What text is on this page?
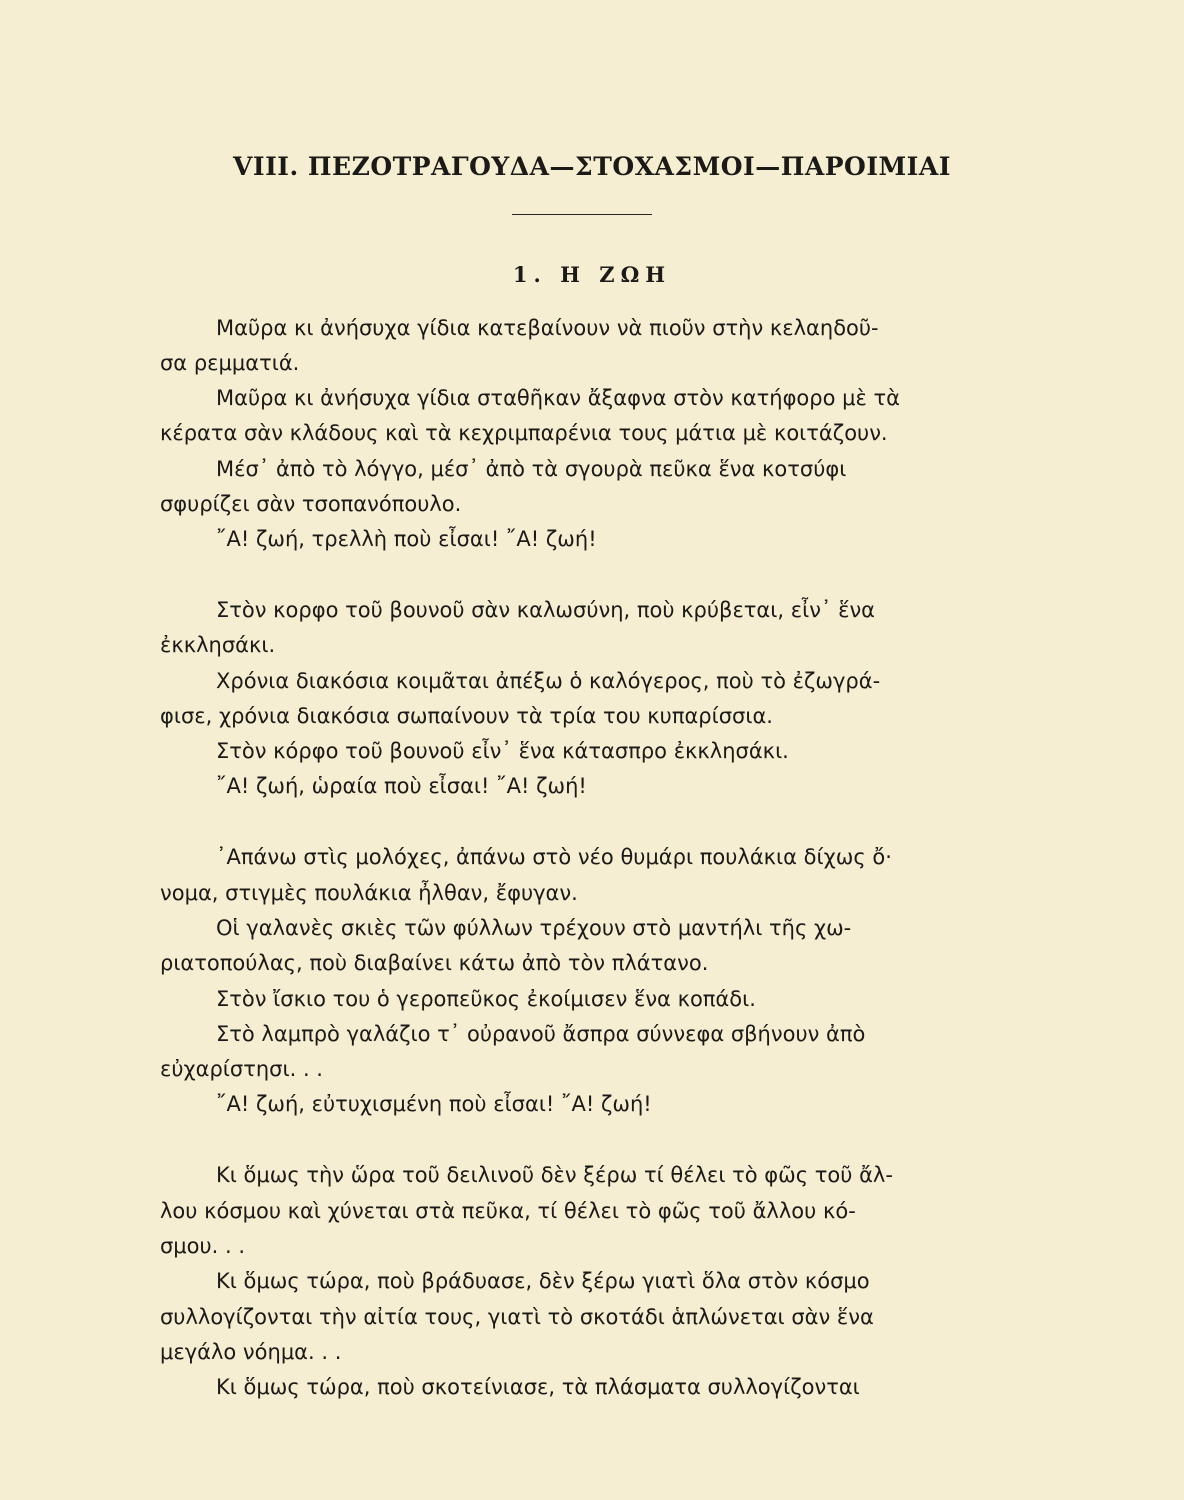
VIII. ΠΕΖΟΤΡΑΓΟΥΔΑ—ΣΤΟΧΑΣΜΟΙ—ΠΑΡΟΙΜΙΑΙ
1. Η ΖΩΗ
Μαῦρα κι ἀνήσυχα γίδια κατεβαίνουν νὰ πιοῦν στὴν κελαηδοῦ-
σα ρεμματιά.
Μαῦρα κι ἀνήσυχα γίδια σταθῆκαν ἄξαφνα στὸν κατήφορο μὲ τὰ
κέρατα σὰν κλάδους καὶ τὰ κεχριμπαρένια τους μάτια μὲ κοιτάζουν.
Μέσ᾽ ἀπὸ τὸ λόγγο, μέσ᾽ ἀπὸ τὰ σγουρὰ πεῦκα ἕνα κοτσύφι
σφυρίζει σὰν τσοπανόπουλο.
῎Α! ζωή, τρελλὴ ποὺ εἶσαι! ῎Α! ζωή!
Στὸν κορφο τοῦ βουνοῦ σὰν καλωσύνη, ποὺ κρύβεται, εἶν᾽ ἕνα
ἐκκλησάκι.
Χρόνια διακόσια κοιμᾶται ἀπέξω ὁ καλόγερος, ποὺ τὸ ἐζωγρά-
φισε, χρόνια διακόσια σωπαίνουν τὰ τρία του κυπαρίσσια.
Στὸν κόρφο τοῦ βουνοῦ εἶν᾽ ἕνα κάτασπρο ἐκκλησάκι.
῎Α! ζωή, ὡραία ποὺ εἶσαι! ῎Α! ζωή!
᾽Απάνω στὶς μολόχες, ἀπάνω στὸ νέο θυμάρι πουλάκια δίχως ὄ·
νομα, στιγμὲς πουλάκια ἦλθαν, ἔφυγαν.
Οἱ γαλανὲς σκιὲς τῶν φύλλων τρέχουν στὸ μαντήλι τῆς χω-
ριατοπούλας, ποὺ διαβαίνει κάτω ἀπὸ τὸν πλάτανο.
Στὸν ἴσκιο του ὁ γεροπεῦκος ἐκοίμισεν ἕνα κοπάδι.
Στὸ λαμπρὸ γαλάζιο τ᾽ οὐρανοῦ ἄσπρα σύννεφα σβήνουν ἀπὸ
εὐχαρίστησι. . .
῎Α! ζωή, εὐτυχισμένη ποὺ εἶσαι! ῎Α! ζωή!
Κι ὅμως τὴν ὥρα τοῦ δειλινοῦ δὲν ξέρω τί θέλει τὸ φῶς τοῦ ἄλ-
λου κόσμου καὶ χύνεται στὰ πεῦκα, τί θέλει τὸ φῶς τοῦ ἄλλου κό-
σμου. . .
Κι ὅμως τώρα, ποὺ βράδυασε, δὲν ξέρω γιατὶ ὅλα στὸν κόσμο
συλλογίζονται τὴν αἰτία τους, γιατὶ τὸ σκοτάδι ἁπλώνεται σὰν ἕνα
μεγάλο νόημα. . .
Κι ὅμως τώρα, ποὺ σκοτείνιασε, τὰ πλάσματα συλλογίζονται
